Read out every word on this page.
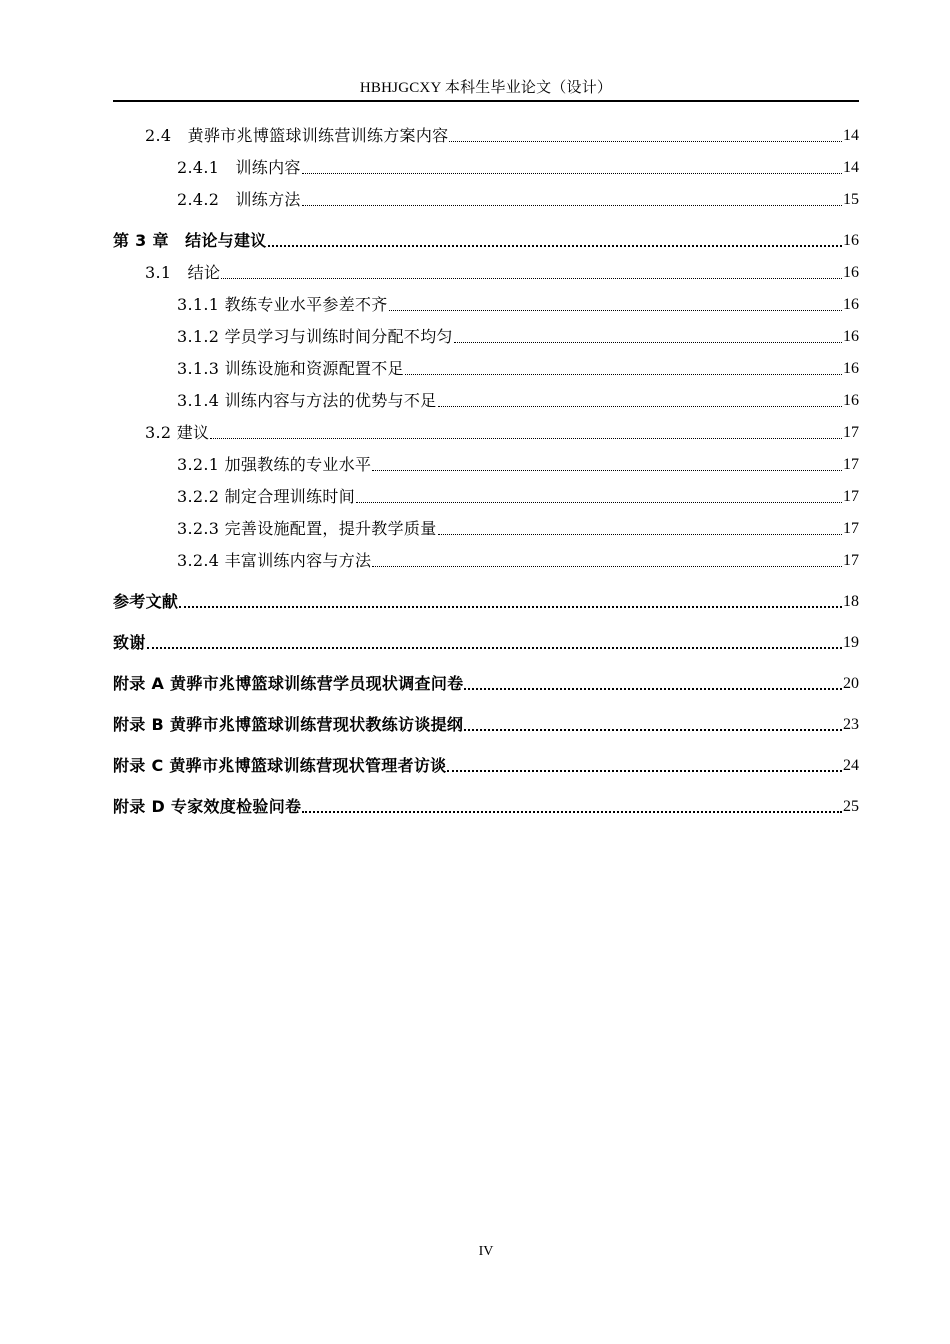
HBHJGCXY 本科生毕业论文（设计）
2.4　黄骅市兆博篮球训练营训练方案内容	14
2.4.1　训练内容	14
2.4.2　训练方法	15
第 3 章　结论与建议	16
3.1　结论	16
3.1.1 教练专业水平参差不齐	16
3.1.2 学员学习与训练时间分配不均匀	16
3.1.3 训练设施和资源配置不足	16
3.1.4 训练内容与方法的优势与不足	16
3.2 建议	17
3.2.1 加强教练的专业水平	17
3.2.2 制定合理训练时间	17
3.2.3 完善设施配置，提升教学质量	17
3.2.4 丰富训练内容与方法	17
参考文献	18
致谢	19
附录 A 黄骅市兆博篮球训练营学员现状调查问卷	20
附录 B 黄骅市兆博篮球训练营现状教练访谈提纲	23
附录 C 黄骅市兆博篮球训练营现状管理者访谈	24
附录 D 专家效度检验问卷	25
IV
